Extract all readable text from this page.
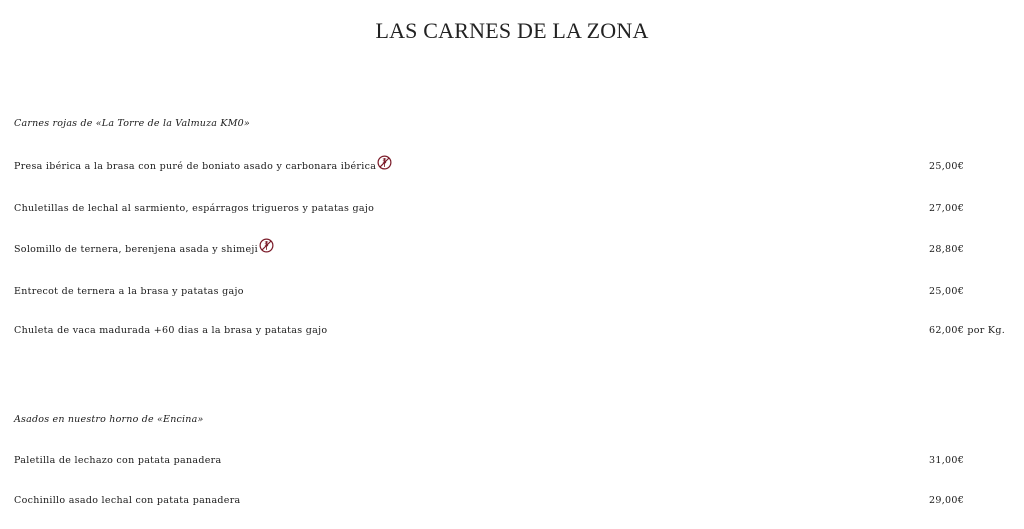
LAS CARNES DE LA ZONA
Carnes rojas de «La Torre de la Valmuza KM0»
Presa ibérica a la brasa con puré de boniato asado y carbonara ibérica	25,00€
Chuletillas de lechal al sarmiento, espárragos trigueros y patatas gajo	27,00€
Solomillo de ternera, berenjena asada y shimeji	28,80€
Entrecot de ternera a la brasa y patatas gajo	25,00€
Chuleta de vaca madurada +60 dias a la brasa y patatas gajo	62,00€ por Kg.
Asados en nuestro horno de «Encina»
Paletilla de lechazo con patata panadera	31,00€
Cochinillo asado lechal con patata panadera	29,00€
